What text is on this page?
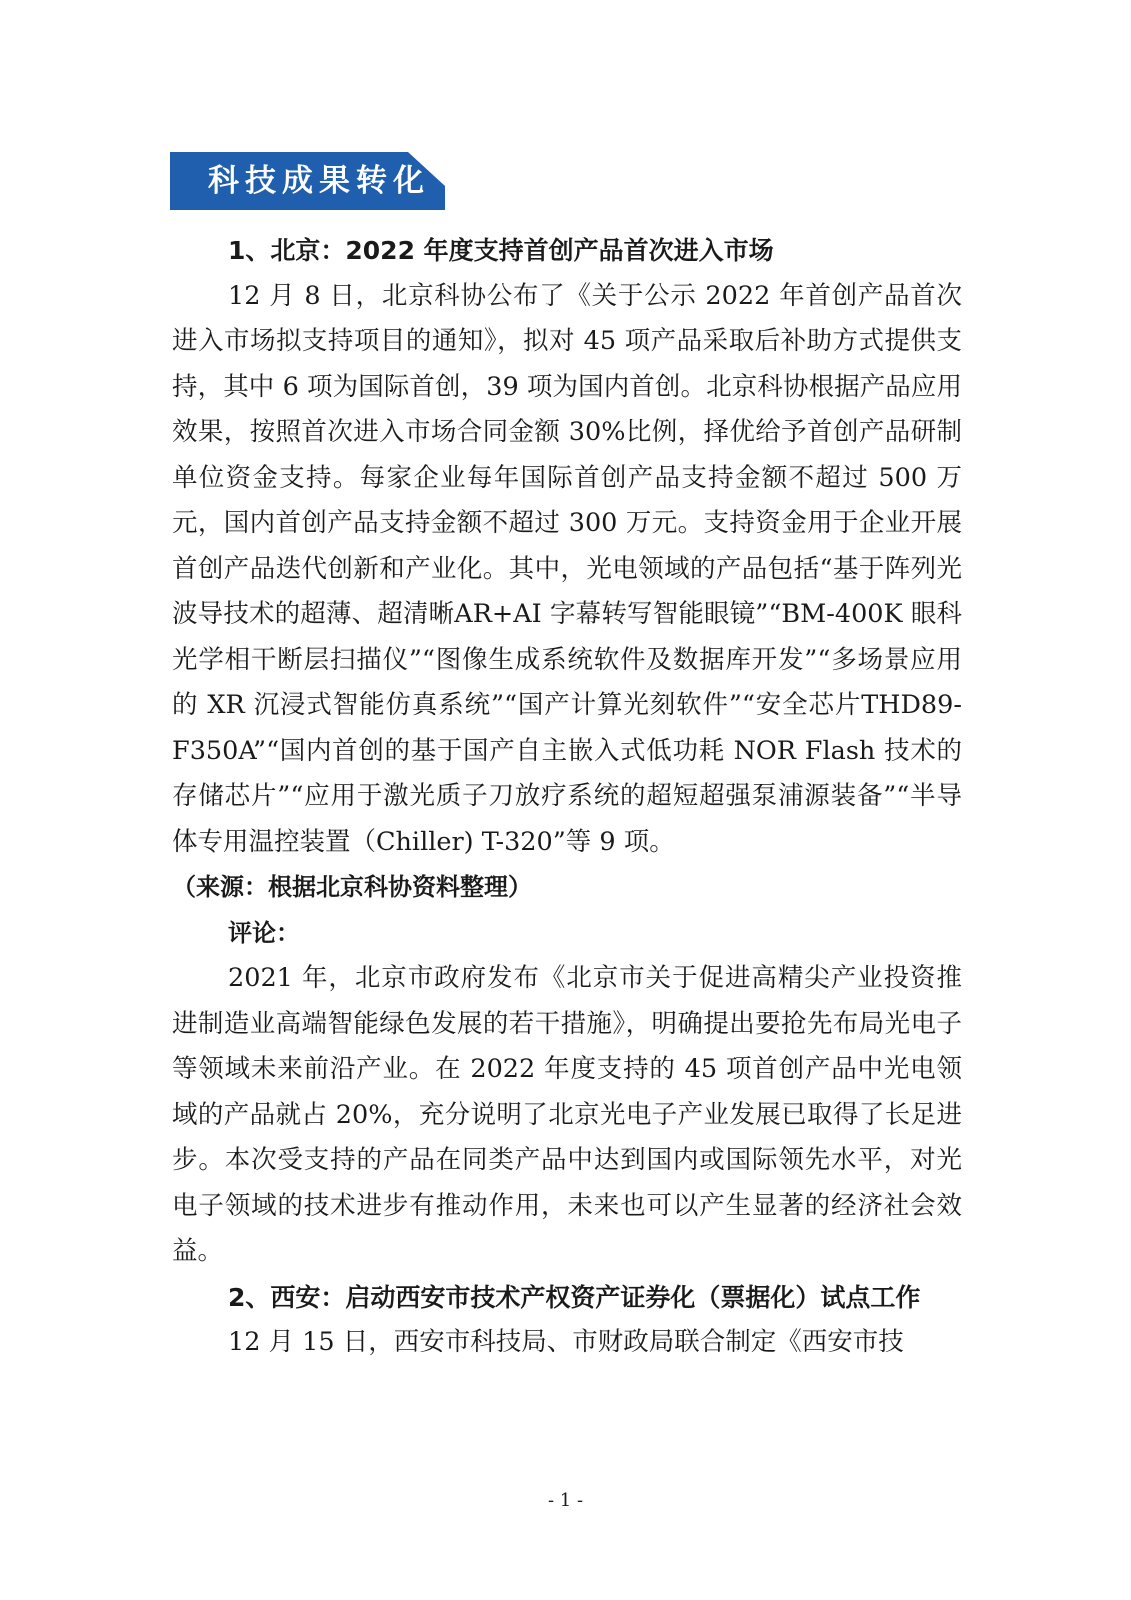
科技成果转化

1、北京：2022 年度支持首创产品首次进入市场

12 月 8 日，北京科协公布了《关于公示 2022 年首创产品首次进入市场拟支持项目的通知》，拟对 45 项产品采取后补助方式提供支持，其中 6 项为国际首创，39 项为国内首创。北京科协根据产品应用效果，按照首次进入市场合同金额 30%比例，择优给予首创产品研制单位资金支持。每家企业每年国际首创产品支持金额不超过 500 万元，国内首创产品支持金额不超过 300 万元。支持资金用于企业开展首创产品迭代创新和产业化。其中，光电领域的产品包括“基于阵列光波导技术的超薄、超清晰AR+AI 字幕转写智能眼镜”“BM-400K 眼科光学相干断层扫描仪”“图像生成系统软件及数据库开发”“多场景应用的 XR 沉浸式智能仿真系统”“国产计算光刻软件”“安全芯片THD89-F350A”“国内首创的基于国产自主嵌入式低功耗 NOR Flash 技术的存储芯片”“应用于激光质子刀放疗系统的超短超强泵浦源装备”“半导体专用温控装置（Chiller) T-320”等 9 项。

（来源：根据北京科协资料整理）

评论：

2021 年，北京市政府发布《北京市关于促进高精尖产业投资推进制造业高端智能绿色发展的若干措施》，明确提出要抢先布局光电子等领域未来前沿产业。在 2022 年度支持的 45 项首创产品中光电领域的产品就占 20%，充分说明了北京光电子产业发展已取得了长足进步。本次受支持的产品在同类产品中达到国内或国际领先水平，对光电子领域的技术进步有推动作用，未来也可以产生显著的经济社会效益。

2、西安：启动西安市技术产权资产证券化（票据化）试点工作

12 月 15 日，西安市科技局、市财政局联合制定《西安市技

- 1 -
